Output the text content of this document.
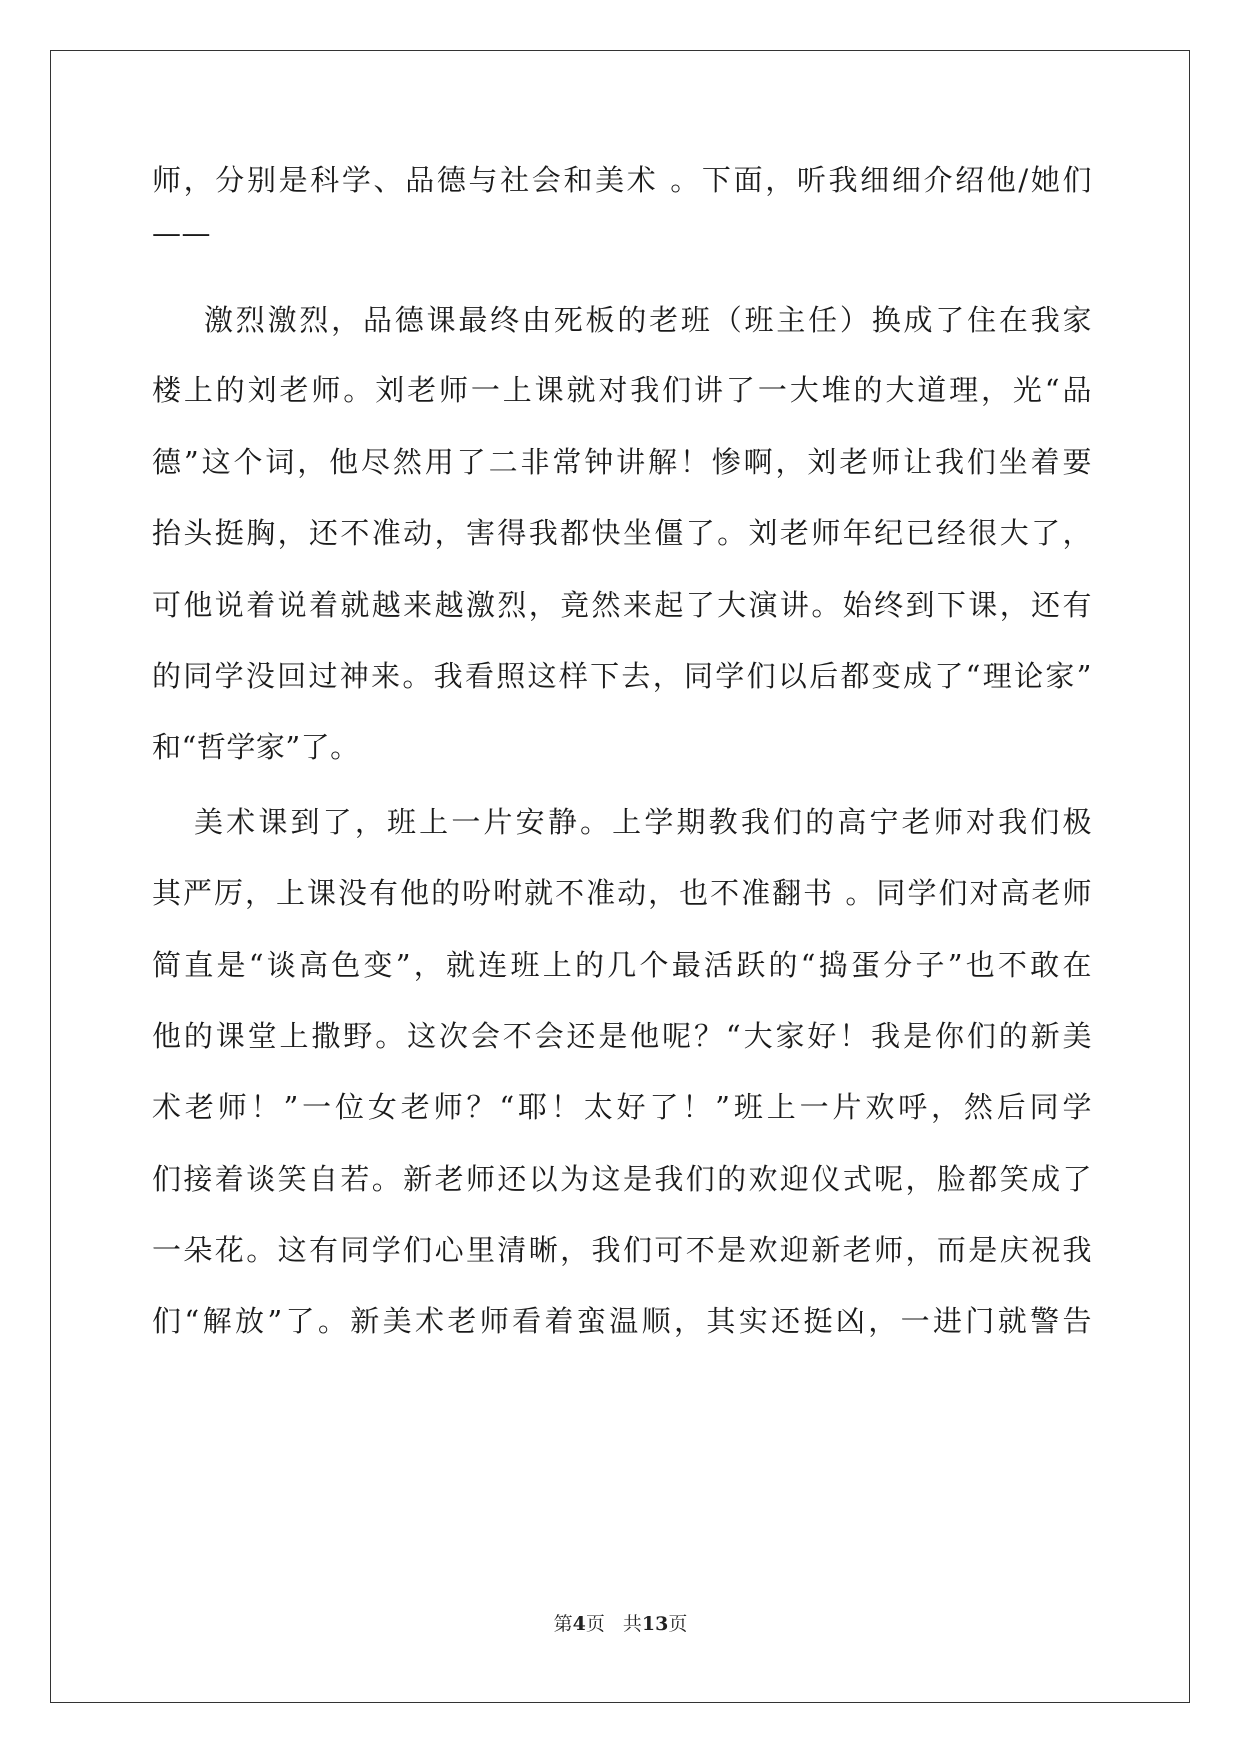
师，分别是科学、品德与社会和美术 。下面，听我细细介绍他/她们
——
激烈激烈，品德课最终由死板的老班（班主任）换成了住在我家
楼上的刘老师。刘老师一上课就对我们讲了一大堆的大道理，光“品
德”这个词，他尽然用了二非常钟讲解！惨啊，刘老师让我们坐着要
抬头挺胸，还不准动，害得我都快坐僵了。刘老师年纪已经很大了，
可他说着说着就越来越激烈，竟然来起了大演讲。始终到下课，还有
的同学没回过神来。我看照这样下去，同学们以后都变成了“理论家”
和“哲学家”了。
美术课到了，班上一片安静。上学期教我们的高宁老师对我们极
其严厉，上课没有他的吩咐就不准动，也不准翻书 。同学们对高老师
简直是“谈高色变”，就连班上的几个最活跃的“捣蛋分子”也不敢在
他的课堂上撒野。这次会不会还是他呢？“大家好！我是你们的新美
术老师！”一位女老师？“耶！太好了！”班上一片欢呼，然后同学
们接着谈笑自若。新老师还以为这是我们的欢迎仪式呢，脸都笑成了
一朵花。这有同学们心里清晰，我们可不是欢迎新老师，而是庆祝我
们“解放”了。新美术老师看着蛮温顺，其实还挺凶，一进门就警告
第4页 共13页
